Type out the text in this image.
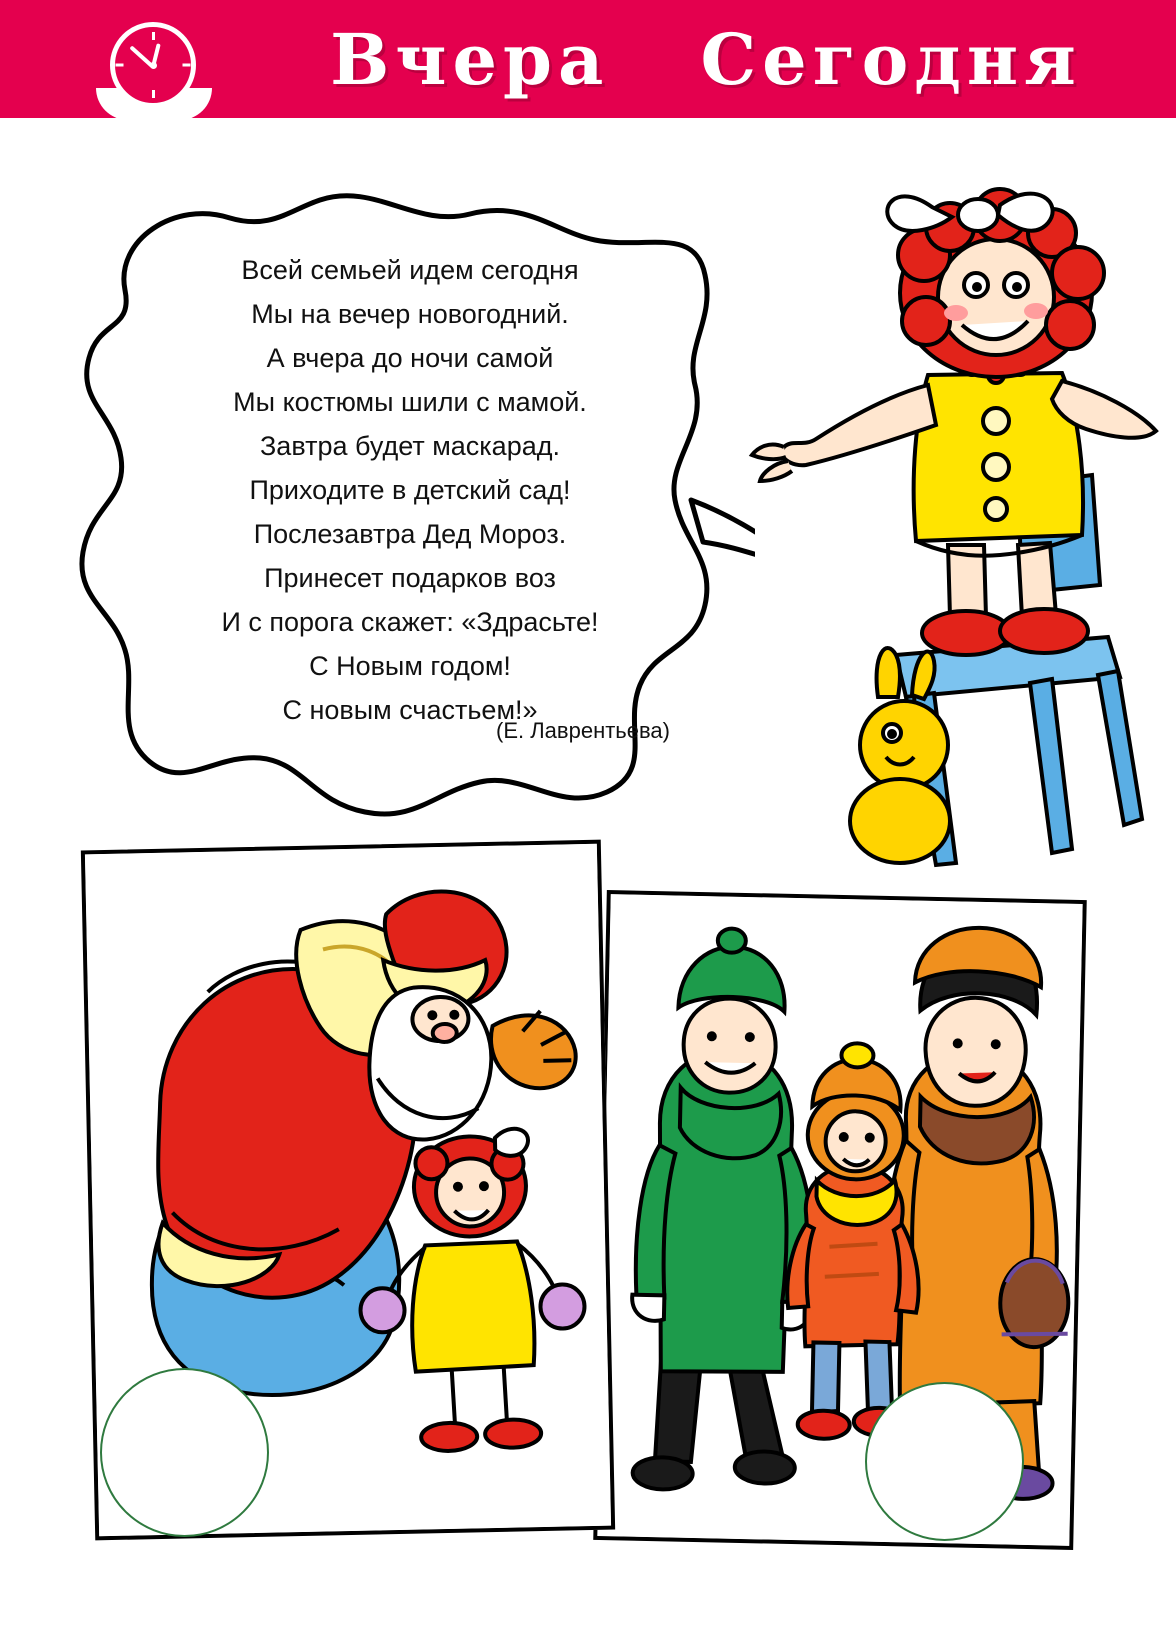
Вчера   Сегодня
Всей семьей идем сегодня
Мы на вечер новогодний.
А вчера до ночи самой
Мы костюмы шили с мамой.
Завтра будет маскарад.
Приходите в детский сад!
Послезавтра Дед Мороз.
Принесет подарков воз
И с порога скажет: «Здрасьте!
С Новым годом!
С новым счастьем!»
(Е. Лаврентьева)
